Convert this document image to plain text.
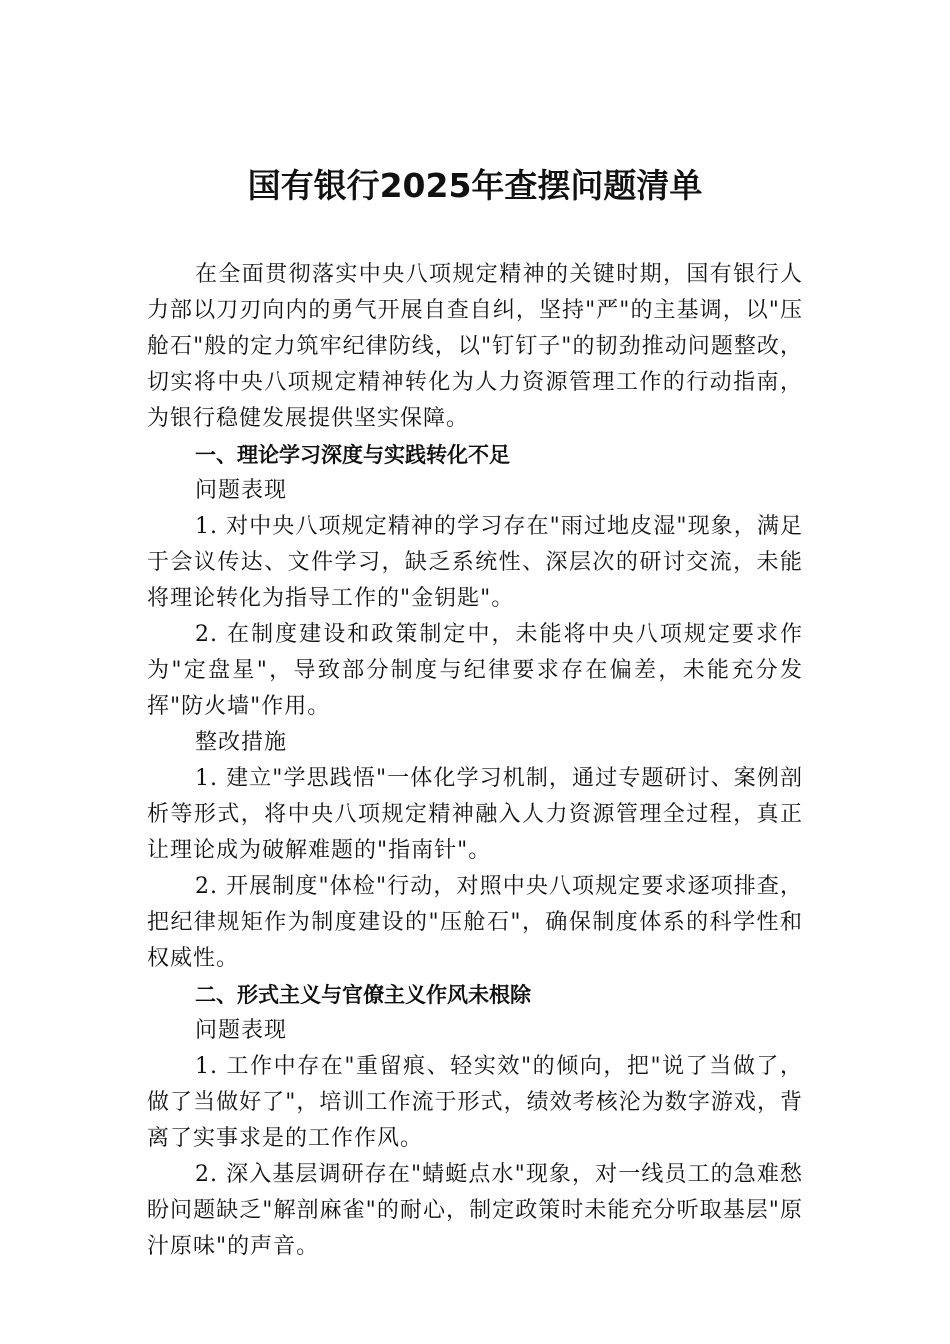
国有银行2025年查摆问题清单

在全面贯彻落实中央八项规定精神的关键时期，国有银行人力部以刀刃向内的勇气开展自查自纠，坚持"严"的主基调，以"压舱石"般的定力筑牢纪律防线，以"钉钉子"的韧劲推动问题整改，切实将中央八项规定精神转化为人力资源管理工作的行动指南，为银行稳健发展提供坚实保障。

一、理论学习深度与实践转化不足

问题表现

1. 对中央八项规定精神的学习存在"雨过地皮湿"现象，满足于会议传达、文件学习，缺乏系统性、深层次的研讨交流，未能将理论转化为指导工作的"金钥匙"。

2. 在制度建设和政策制定中，未能将中央八项规定要求作为"定盘星"，导致部分制度与纪律要求存在偏差，未能充分发挥"防火墙"作用。

整改措施

1. 建立"学思践悟"一体化学习机制，通过专题研讨、案例剖析等形式，将中央八项规定精神融入人力资源管理全过程，真正让理论成为破解难题的"指南针"。

2. 开展制度"体检"行动，对照中央八项规定要求逐项排查，把纪律规矩作为制度建设的"压舱石"，确保制度体系的科学性和权威性。

二、形式主义与官僚主义作风未根除

问题表现

1. 工作中存在"重留痕、轻实效"的倾向，把"说了当做了，做了当做好了"，培训工作流于形式，绩效考核沦为数字游戏，背离了实事求是的工作作风。

2. 深入基层调研存在"蜻蜓点水"现象，对一线员工的急难愁盼问题缺乏"解剖麻雀"的耐心，制定政策时未能充分听取基层"原汁原味"的声音。
